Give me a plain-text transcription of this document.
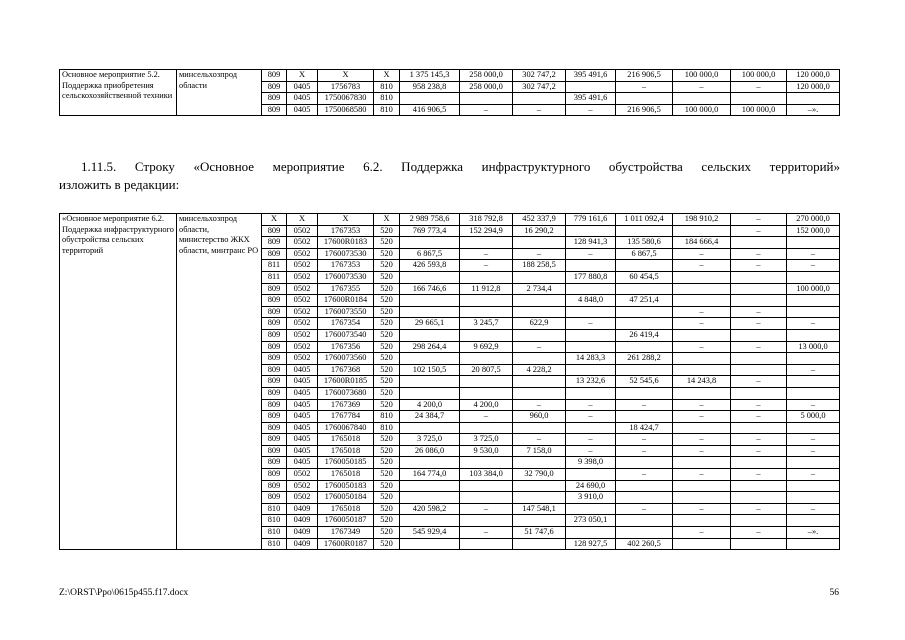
Основное мероприятие 5.2. Поддержка приобретения сельскохозяйственной техники	минсельхозпрод области	809	Х	Х	Х	1 375 145,3	258 000,0	302 747,2	395 491,6	216 906,5	100 000,0	100 000,0	120 000,0
		809	0405	1756783	810	958 238,8	258 000,0	302 747,2		–	–	–	120 000,0
		809	0405	1750067830	810				395 491,6				
		809	0405	1750068580	810	416 906,5	–	–	–	216 906,5	100 000,0	100 000,0	–».
1.11.5. Строку «Основное мероприятие 6.2. Поддержка инфраструктурного обустройства сельских территорий»
изложить в редакции:
«Основное мероприятие 6.2. Поддержка инфраструктурного обустройства сельских территорий	минсельхозпрод области, министерство ЖКХ области, минтранс РО	Х	Х	Х	Х	2 989 758,6	318 792,8	452 337,9	779 161,6	1 011 092,4	198 910,2	–	270 000,0
		809	0502	1767353	520	769 773,4	152 294,9	16 290,2				–	152 000,0
		809	0502	17600R0183	520				128 941,3	135 580,6	184 666,4		
		809	0502	1760073530	520	6 867,5	–	–	–	6 867,5	–	–	–
		811	0502	1767353	520	426 593,8	–	188 258,5			–	–	–
		811	0502	1760073530	520				177 880,8	60 454,5			
		809	0502	1767355	520	166 746,6	11 912,8	2 734,4					100 000,0
		809	0502	17600R0184	520				4 848,0	47 251,4			
		809	0502	1760073550	520						–	–	
		809	0502	1767354	520	29 665,1	3 245,7	622,9	–		–	–	–
		809	0502	1760073540	520					26 419,4			
		809	0502	1767356	520	298 264,4	9 692,9	–			–	–	13 000,0
		809	0502	1760073560	520				14 283,3	261 288,2			
		809	0405	1767368	520	102 150,5	20 807,5	4 228,2					–
		809	0405	17600R0185	520				13 232,6	52 545,6	14 243,8	–	
		809	0405	1760073680	520								
		809	0405	1767369	520	4 200,0	4 200,0	–	–	–	–	–	–
		809	0405	1767784	810	24 384,7	–	960,0	–		–	–	5 000,0
		809	0405	1760067840	810					18 424,7			
		809	0405	1765018	520	3 725,0	3 725,0	–	–	–	–	–	–
		809	0405	1765018	520	26 086,0	9 530,0	7 158,0	–	–	–	–	–
		809	0405	1760050185	520				9 398,0				
		809	0502	1765018	520	164 774,0	103 384,0	32 790,0		–	–	–	–
		809	0502	1760050183	520				24 690,0				
		809	0502	1760050184	520				3 910,0				
		810	0409	1765018	520	420 598,2	–	147 548,1		–	–	–	–
		810	0409	1760050187	520				273 050,1				
		810	0409	1767349	520	545 929,4	–	51 747,6			–	–	–».
		810	0409	17600R0187	520				128 927,5	402 260,5			
Z:\ORST\Ppo\0615p455.f17.docx	56
